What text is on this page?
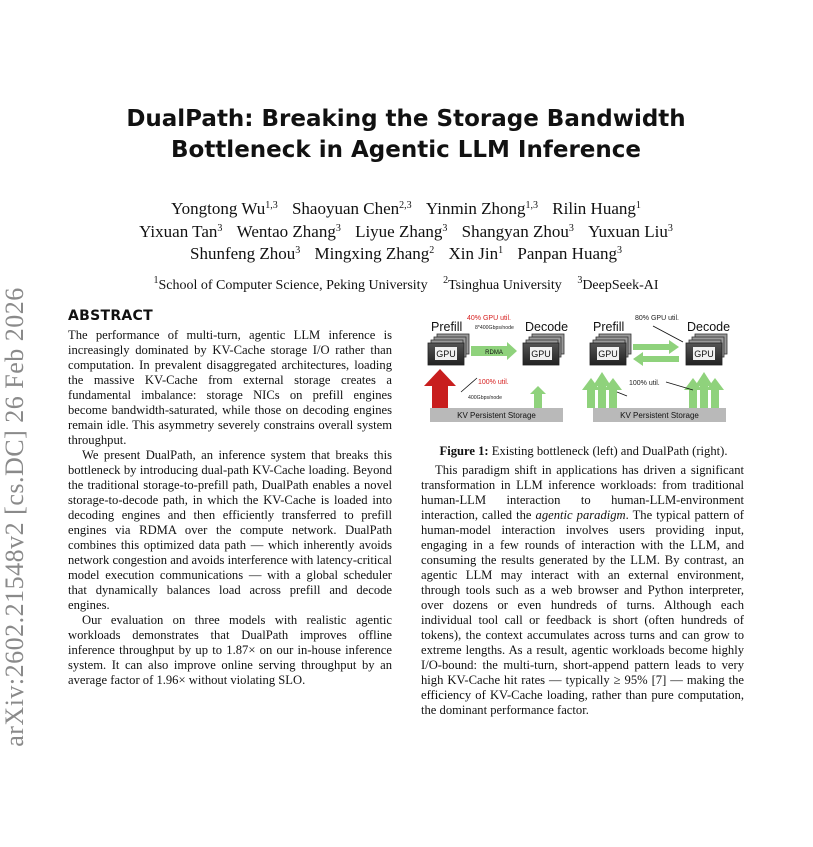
arXiv:2602.21548v2 [cs.DC] 26 Feb 2026
DualPath: Breaking the Storage Bandwidth
Bottleneck in Agentic LLM Inference
Yongtong Wu$^{1,3}$ Shaoyuan Chen$^{2,3}$ Yinmin Zhong$^{1,3}$ Rilin Huang$^1$
Yixuan Tan$^3$ Wentao Zhang$^3$ Liyue Zhang$^3$ Shangyan Zhou$^3$ Yuxuan Liu$^3$
Shunfeng Zhou$^3$ Mingxing Zhang$^2$ Xin Jin$^1$ Panpan Huang$^3$
$^1$School of Computer Science, Peking University $^2$Tsinghua University $^3$DeepSeek-AI
ABSTRACT

The performance of multi-turn, agentic LLM inference is increasingly dominated by KV-Cache storage I/O rather than computation. In prevalent disaggregated architectures, loading the massive KV-Cache from external storage creates a fundamental imbalance: storage NICs on prefill engines become bandwidth-saturated, while those on decoding engines remain idle. This asymmetry severely constrains overall system throughput.

We present DualPath, an inference system that breaks this bottleneck by introducing dual-path KV-Cache loading. Beyond the traditional storage-to-prefill path, DualPath enables a novel storage-to-decode path, in which the KV-Cache is loaded into decoding engines and then efficiently transferred to prefill engines via RDMA over the compute network. DualPath combines this optimized data path — which inherently avoids network congestion and avoids interference with latency-critical model execution communications — with a global scheduler that dynamically balances load across prefill and decode engines.

Our evaluation on three models with realistic agentic workloads demonstrates that DualPath improves offline inference throughput by up to 1.87× on our in-house inference system. It can also improve online serving throughput by an average factor of 1.96× without violating SLO.

Prefill	Decode
40% GPU util.
8*400Gbps/node
GPU	GPU
RDMA
100% util.
400Gbps/node
KV Persistent Storage
Prefill	Decode
80% GPU util.
GPU	GPU
100% util.
KV Persistent Storage
Figure 1: Existing bottleneck (left) and DualPath (right).

This paradigm shift in applications has driven a significant transformation in LLM inference workloads: from traditional human-LLM interaction to human-LLM-environment interaction, called the agentic paradigm. The typical pattern of human-model interaction involves users providing input, engaging in a few rounds of interaction with the LLM, and consuming the results generated by the LLM. By contrast, an agentic LLM may interact with an external environment, through tools such as a web browser and Python interpreter, over dozens or even hundreds of turns. Although each individual tool call or feedback is short (often hundreds of tokens), the context accumulates across turns and can grow to extreme lengths. As a result, agentic workloads become highly I/O-bound: the multi-turn, short-append pattern leads to very high KV-Cache hit rates — typically ≥ 95% [7] — making the efficiency of KV-Cache loading, rather than pure computation, the dominant performance factor.
